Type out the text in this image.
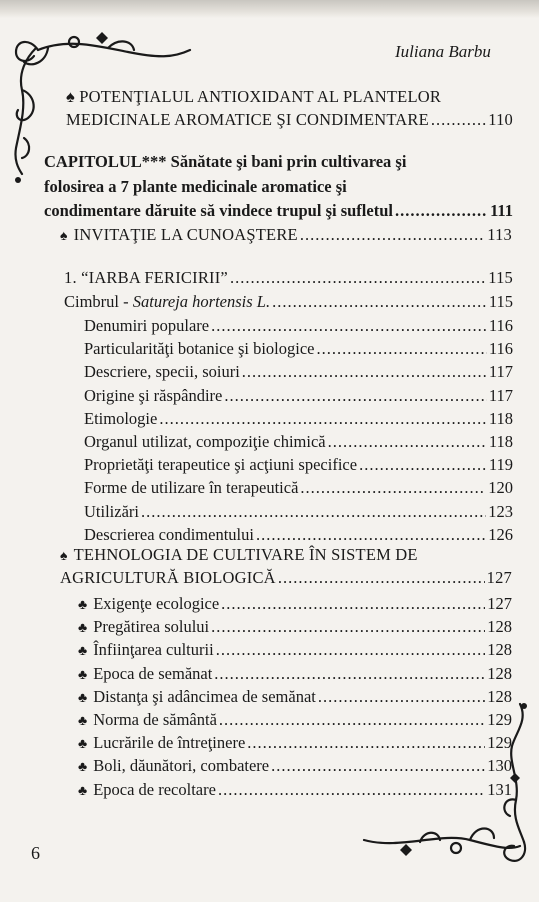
Iuliana Barbu
♠ POTENŢIALUL ANTIOXIDANT AL PLANTELOR
MEDICINALE AROMATICE ŞI CONDIMENTARE .....	110
CAPITOLUL*** Sănătate şi bani prin cultivarea şi
folosirea a 7 plante medicinale aromatice şi
condimentare dăruite să vindece trupul şi sufletul .....	111
♠ INVITAŢIE LA CUNOAŞTERE .....	113
1. “IARBA FERICIRII” .....	115
Cimbrul - Satureja hortensis L. .....	115
Denumiri populare .....	116
Particularităţi botanice şi biologice .....	116
Descriere, specii, soiuri .....	117
Origine şi răspândire .....	117
Etimologie .....	118
Organul utilizat, compoziţie chimică .....	118
Proprietăţi terapeutice şi acţiuni specifice .....	119
Forme de utilizare în terapeutică .....	120
Utilizări .....	123
Descrierea condimentului .....	126
♠ TEHNOLOGIA DE CULTIVARE ÎN SISTEM DE
AGRICULTURĂ BIOLOGICĂ .....	127
♣ Exigenţe ecologice .....	127
♣ Pregătirea solului .....	128
♣ Înfiinţarea culturii .....	128
♣ Epoca de semănat .....	128
♣ Distanţa şi adâncimea de semănat .....	128
♣ Norma de sământă .....	129
♣ Lucrările de întreţinere .....	129
♣ Boli, dăunători, combatere .....	130
♣ Epoca de recoltare .....	131
6
